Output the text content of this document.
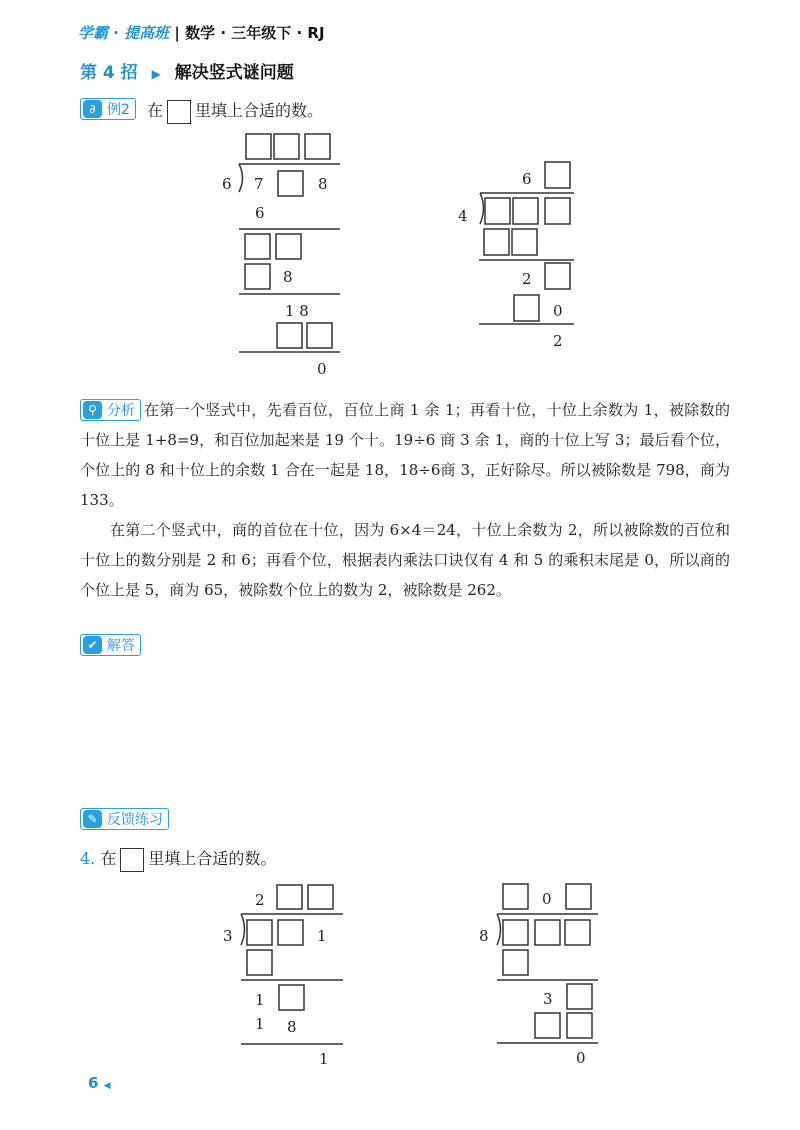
学霸 · 提高班 | 数学 · 三年级下 · RJ
第 4 招 ▶ 解决竖式谜问题
∂ 例2	在 里填上合适的数。
6 7	8
6
8
1 8
0
6
4
2
0
2
⚲ 分析 在第一个竖式中，先看百位，百位上商 1 余 1；再看十位，十位上余数为 1，被除数的十位上是 1+8=9，和百位加起来是 19 个十。19÷6 商 3 余 1，商的十位上写 3；最后看个位，个位上的 8 和十位上的余数 1 合在一起是 18，18÷6商 3，正好除尽。所以被除数是 798，商为 133。

在第二个竖式中，商的首位在十位，因为 6×4＝24，十位上余数为 2，所以被除数的百位和十位上的数分别是 2 和 6；再看个位，根据表内乘法口诀仅有 4 和 5 的乘积末尾是 0，所以商的个位上是 5，商为 65，被除数个位上的数为 2，被除数是 262。

✔ 解答
✎ 反馈练习
4. 在 里填上合适的数。
2
3	1
1
1 8
1
0
8
3
0
6 ◀
